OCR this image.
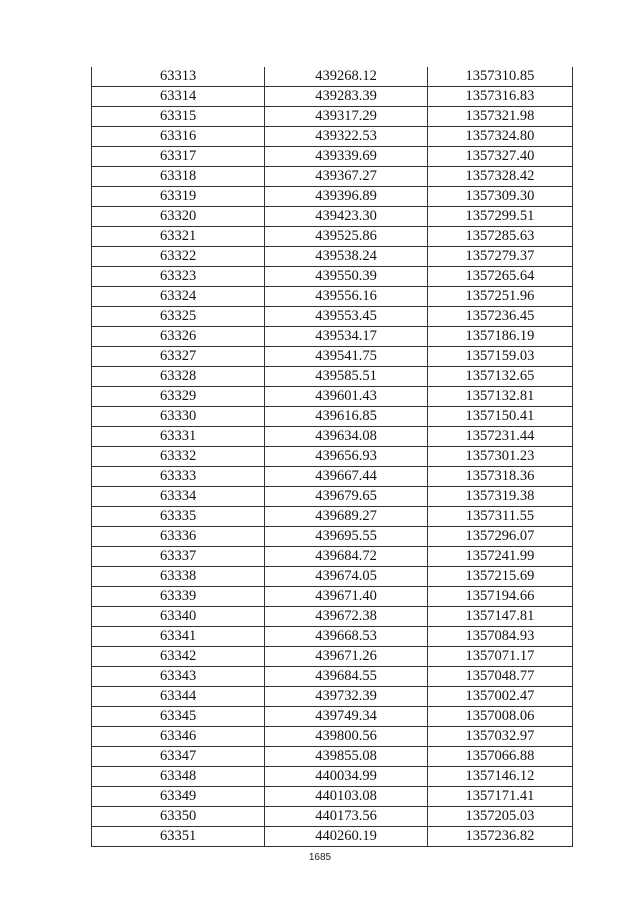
63313	439268.12	1357310.85
63314	439283.39	1357316.83
63315	439317.29	1357321.98
63316	439322.53	1357324.80
63317	439339.69	1357327.40
63318	439367.27	1357328.42
63319	439396.89	1357309.30
63320	439423.30	1357299.51
63321	439525.86	1357285.63
63322	439538.24	1357279.37
63323	439550.39	1357265.64
63324	439556.16	1357251.96
63325	439553.45	1357236.45
63326	439534.17	1357186.19
63327	439541.75	1357159.03
63328	439585.51	1357132.65
63329	439601.43	1357132.81
63330	439616.85	1357150.41
63331	439634.08	1357231.44
63332	439656.93	1357301.23
63333	439667.44	1357318.36
63334	439679.65	1357319.38
63335	439689.27	1357311.55
63336	439695.55	1357296.07
63337	439684.72	1357241.99
63338	439674.05	1357215.69
63339	439671.40	1357194.66
63340	439672.38	1357147.81
63341	439668.53	1357084.93
63342	439671.26	1357071.17
63343	439684.55	1357048.77
63344	439732.39	1357002.47
63345	439749.34	1357008.06
63346	439800.56	1357032.97
63347	439855.08	1357066.88
63348	440034.99	1357146.12
63349	440103.08	1357171.41
63350	440173.56	1357205.03
63351	440260.19	1357236.82
1685
